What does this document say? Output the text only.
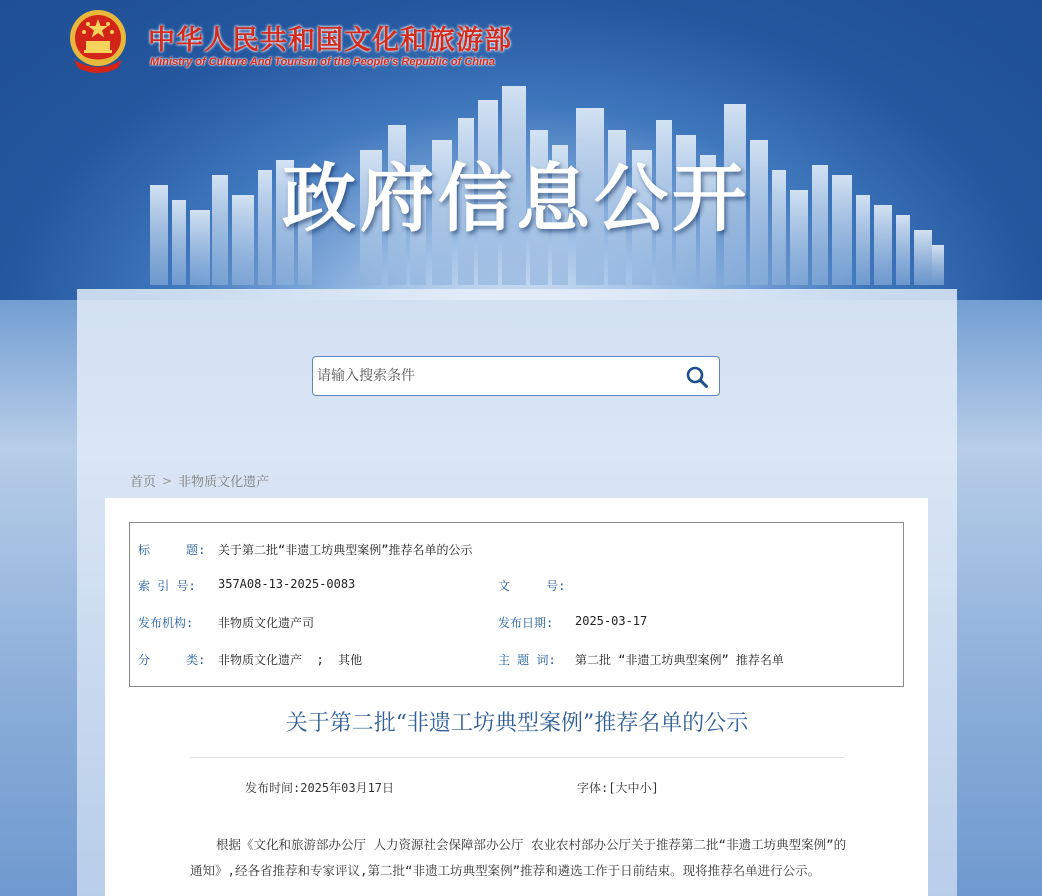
中华人民共和国文化和旅游部
Ministry of Culture And Tourism of the People’s Republic of China
政府信息公开
请输入搜索条件
首页 > 非物质文化遗产
标     题: 关于第二批“非遗工坊典型案例”推荐名单的公示
索 引 号: 357A08-13-2025-0083	文     号:
发布机构: 非物质文化遗产司	发布日期: 2025-03-17
分     类: 非物质文化遗产  ;  其他	主 题 词: 第二批 “非遗工坊典型案例” 推荐名单
关于第二批“非遗工坊典型案例”推荐名单的公示
发布时间:2025年03月17日	字体:[大中小]
根据《文化和旅游部办公厅 人力资源社会保障部办公厅 农业农村部办公厅关于推荐第二批“非遗工坊典型案例”的通知》,经各省推荐和专家评议,第二批“非遗工坊典型案例”推荐和遴选工作于日前结束。现将推荐名单进行公示。
